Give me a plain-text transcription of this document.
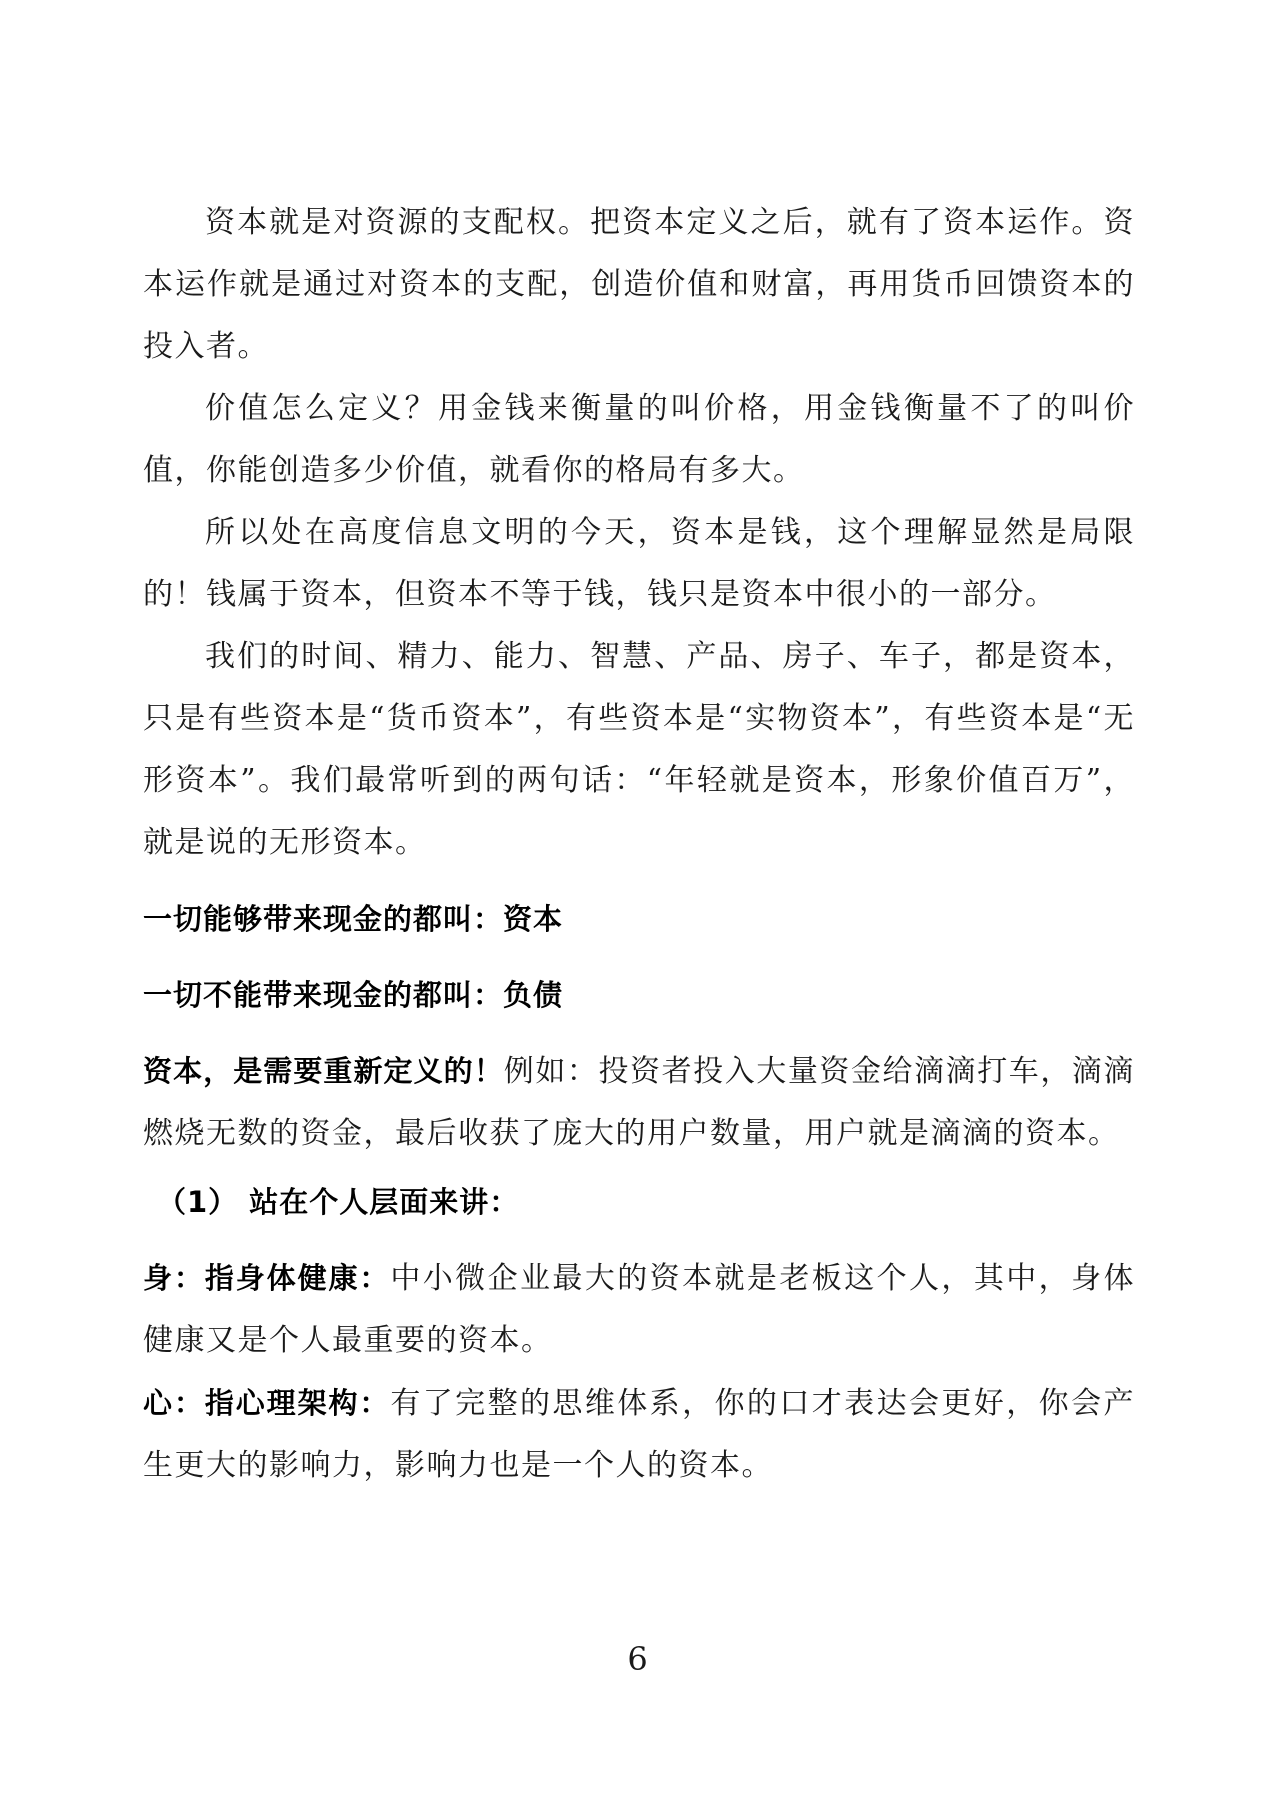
资本就是对资源的支配权。把资本定义之后，就有了资本运作。资本运作就是通过对资本的支配，创造价值和财富，再用货币回馈资本的投入者。

价值怎么定义？用金钱来衡量的叫价格，用金钱衡量不了的叫价值，你能创造多少价值，就看你的格局有多大。

所以处在高度信息文明的今天，资本是钱，这个理解显然是局限的！钱属于资本，但资本不等于钱，钱只是资本中很小的一部分。

我们的时间、精力、能力、智慧、产品、房子、车子，都是资本，只是有些资本是“货币资本”，有些资本是“实物资本”，有些资本是“无形资本”。我们最常听到的两句话：“年轻就是资本，形象价值百万”，就是说的无形资本。

一切能够带来现金的都叫：资本

一切不能带来现金的都叫：负债

资本，是需要重新定义的！例如：投资者投入大量资金给滴滴打车，滴滴燃烧无数的资金，最后收获了庞大的用户数量，用户就是滴滴的资本。

（1） 站在个人层面来讲：

身：指身体健康：中小微企业最大的资本就是老板这个人，其中，身体健康又是个人最重要的资本。

心：指心理架构：有了完整的思维体系，你的口才表达会更好，你会产生更大的影响力，影响力也是一个人的资本。

6
